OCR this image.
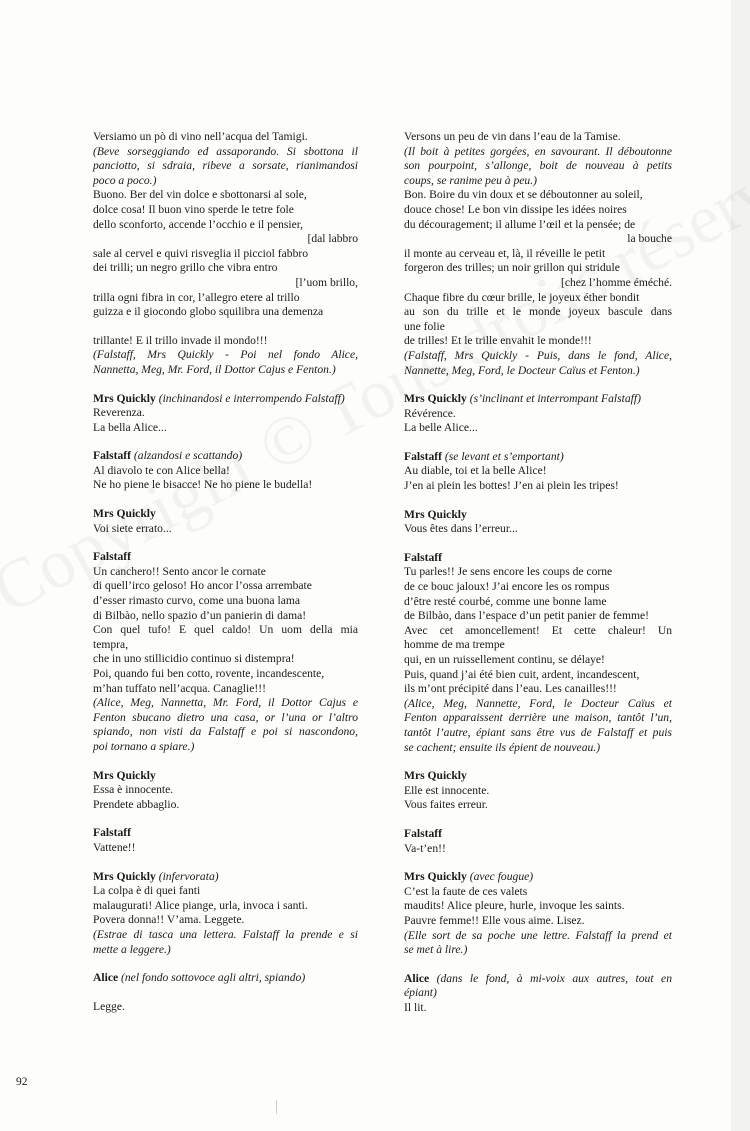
Versiamo un pò di vino nell’acqua del Tamigi.
(Beve sorseggiando ed assaporando. Si sbottona il
panciotto, si sdraia, ribeve a sorsate, rianimandosi
poco a poco.)
Buono. Ber del vin dolce e sbottonarsi al sole,
dolce cosa! Il buon vino sperde le tetre fole
dello sconforto, accende l’occhio e il pensier,
[dal labbro
sale al cervel e quivi risveglia il picciol fabbro
dei trilli; un negro grillo che vibra entro
[l’uom brillo,
trilla ogni fibra in cor, l’allegro etere al trillo
guizza e il giocondo globo squilibra una demenza
trillante! E il trillo invade il mondo!!!
(Falstaff, Mrs Quickly - Poi nel fondo Alice,
Nannetta, Meg, Mr. Ford, il Dottor Cajus e Fenton.)
Mrs Quickly (inchinandosi e interrompendo Falstaff)
Reverenza.
La bella Alice...
Falstaff (alzandosi e scattando)
Al diavolo te con Alice bella!
Ne ho piene le bisacce! Ne ho piene le budella!
Mrs Quickly
Voi siete errato...
Falstaff
Un canchero!! Sento ancor le cornate
di quell’irco geloso! Ho ancor l’ossa arrembate
d’esser rimasto curvo, come una buona lama
di Bilbào, nello spazio d’un panierin di dama!
Con quel tufo! E quel caldo! Un uom della mia
tempra,
che in uno stillicidio continuo si distempra!
Poi, quando fui ben cotto, rovente, incandescente,
m’han tuffato nell’acqua. Canaglie!!!
(Alice, Meg, Nannetta, Mr. Ford, il Dottor Cajus e
Fenton sbucano dietro una casa, or l’una or l’altro
spiando, non visti da Falstaff e poi si nascondono,
poi tornano a spiare.)
Mrs Quickly
Essa è innocente.
Prendete abbaglio.
Falstaff
Vattene!!
Mrs Quickly (infervorata)
La colpa è di quei fanti
malaugurati! Alice piange, urla, invoca i santi.
Povera donna!! V’ama. Leggete.
(Estrae di tasca una lettera. Falstaff la prende e si
mette a leggere.)
Alice (nel fondo sottovoce agli altri, spiando)
Legge.
Versons un peu de vin dans l’eau de la Tamise.
(Il boit à petites gorgées, en savourant. Il déboutonne
son pourpoint, s’allonge, boit de nouveau à petits
coups, se ranime peu à peu.)
Bon. Boire du vin doux et se déboutonner au soleil,
douce chose! Le bon vin dissipe les idées noires
du découragement; il allume l’œil et la pensée; de
la bouche
il monte au cerveau et, là, il réveille le petit
forgeron des trilles; un noir grillon qui stridule
[chez l’homme éméché.
Chaque fibre du cœur brille, le joyeux éther bondit
au son du trille et le monde joyeux bascule dans
une folie
de trilles! Et le trille envahit le monde!!!
(Falstaff, Mrs Quickly - Puis, dans le fond, Alice,
Nannette, Meg, Ford, le Docteur Caïus et Fenton.)
Mrs Quickly (s’inclinant et interrompant Falstaff)
Révérence.
La belle Alice...
Falstaff (se levant et s’emportant)
Au diable, toi et la belle Alice!
J’en ai plein les bottes! J’en ai plein les tripes!
Mrs Quickly
Vous êtes dans l’erreur...
Falstaff
Tu parles!! Je sens encore les coups de corne
de ce bouc jaloux! J’ai encore les os rompus
d’être resté courbé, comme une bonne lame
de Bilbào, dans l’espace d’un petit panier de femme!
Avec cet amoncellement! Et cette chaleur! Un
homme de ma trempe
qui, en un ruissellement continu, se délaye!
Puis, quand j’ai été bien cuit, ardent, incandescent,
ils m’ont précipité dans l’eau. Les canailles!!!
(Alice, Meg, Nannette, Ford, le Docteur Caïus et
Fenton apparaissent derrière une maison, tantôt l’un,
tantôt l’autre, épiant sans être vus de Falstaff et puis
se cachent; ensuite ils épient de nouveau.)
Mrs Quickly
Elle est innocente.
Vous faites erreur.
Falstaff
Va-t’en!!
Mrs Quickly (avec fougue)
C’est la faute de ces valets
maudits! Alice pleure, hurle, invoque les saints.
Pauvre femme!! Elle vous aime. Lisez.
(Elle sort de sa poche une lettre. Falstaff la prend et
se met à lire.)
Alice (dans le fond, à mi-voix aux autres, tout en
épiant)
Il lit.
92
